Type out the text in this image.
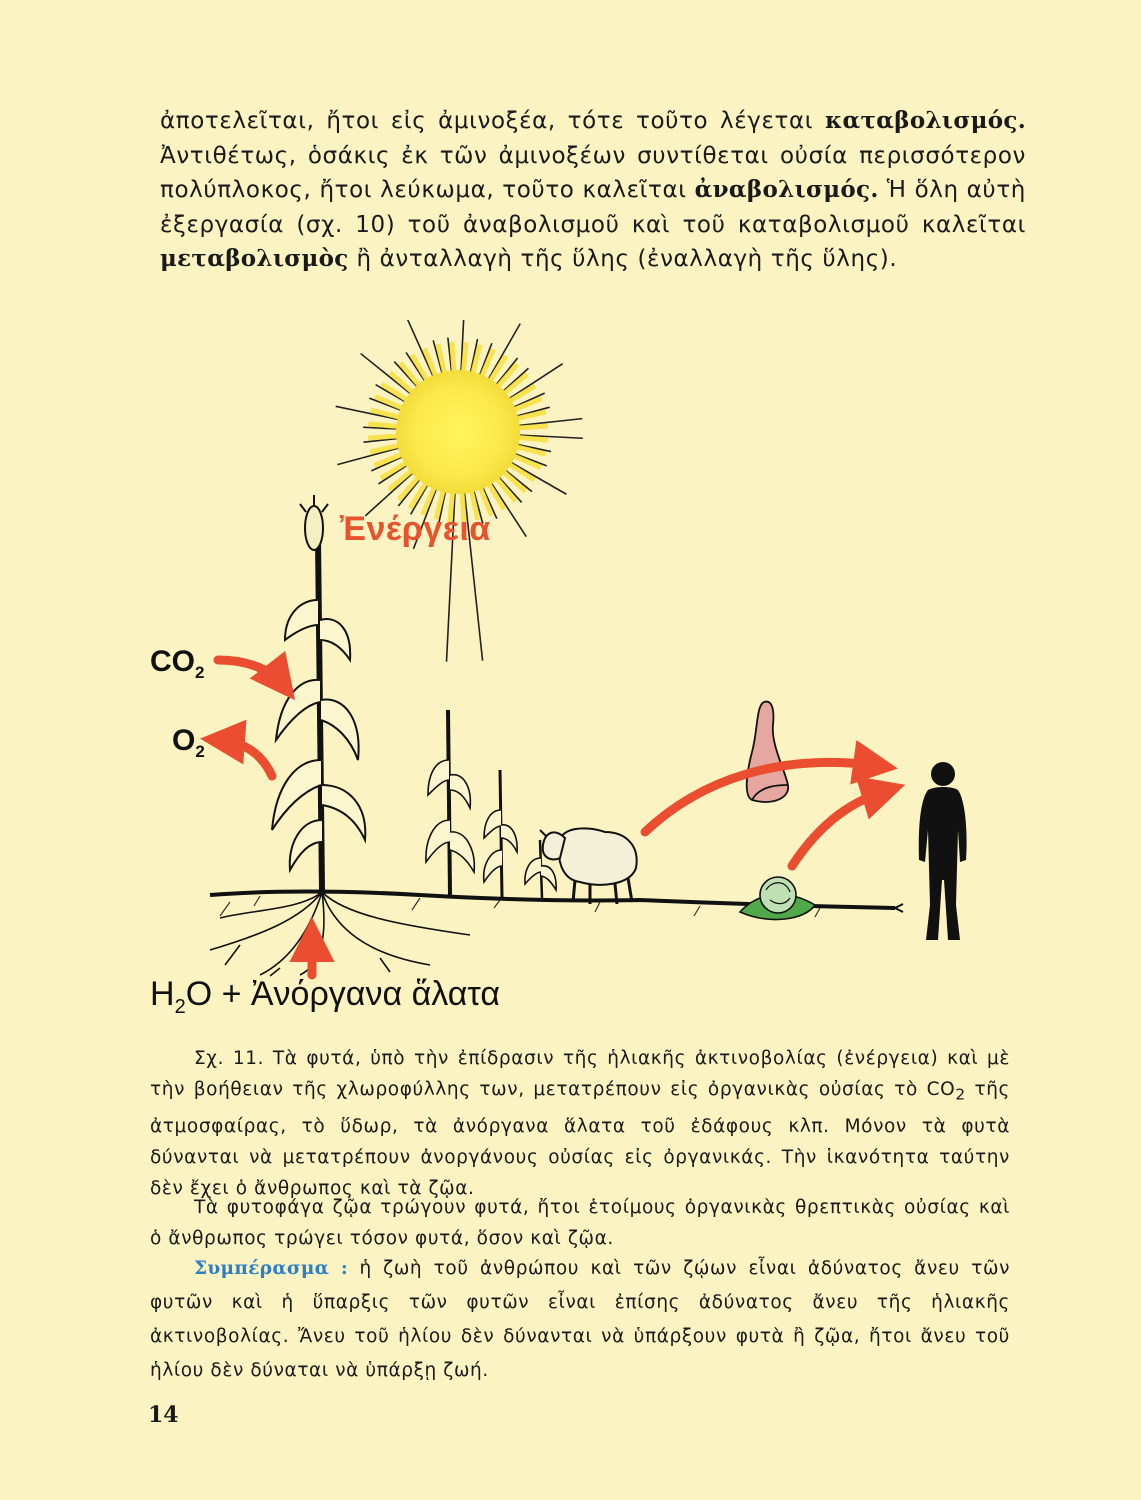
ἀποτελεῖται, ἤτοι εἰς ἀμινοξέα, τότε τοῦτο λέγεται καταβολισμός. Ἀντιθέτως, ὁσάκις ἐκ τῶν ἀμινοξέων συντίθεται οὐσία περισσότερον πολύπλοκος, ἤτοι λεύκωμα, τοῦτο καλεῖται ἀναβολισμός. Ἡ ὅλη αὐτὴ ἐξεργασία (σχ. 10) τοῦ ἀναβολισμοῦ καὶ τοῦ καταβολισμοῦ καλεῖται μεταβολισμὸς ἢ ἀνταλλαγὴ τῆς ὕλης (ἐναλλαγὴ τῆς ὕλης).

Ἐνέργεια
$CO_2$
$O_2$
$H_2O$ + Ἀνόργανα ἅλατα

Σχ. 11. Τὰ φυτά, ὑπὸ τὴν ἐπίδρασιν τῆς ἡλιακῆς ἀκτινοβολίας (ἐνέργεια) καὶ μὲ τὴν βοήθειαν τῆς χλωροφύλλης των, μετατρέπουν εἰς ὀργανικὰς οὐσίας τὸ $CO_2$ τῆς ἀτμοσφαίρας, τὸ ὕδωρ, τὰ ἀνόργανα ἅλατα τοῦ ἐδάφους κλπ. Μόνον τὰ φυτὰ δύνανται νὰ μετατρέπουν ἀνοργάνους οὐσίας εἰς ὀργανικάς. Τὴν ἱκανότητα ταύτην δὲν ἔχει ὁ ἄνθρωπος καὶ τὰ ζῷα.

Τὰ φυτοφάγα ζῷα τρώγουν φυτά, ἤτοι ἑτοίμους ὀργανικὰς θρεπτικὰς οὐσίας καὶ ὁ ἄνθρωπος τρώγει τόσον φυτά, ὅσον καὶ ζῷα.

Συμπέρασμα : ἡ ζωὴ τοῦ ἀνθρώπου καὶ τῶν ζῴων εἶναι ἀδύνατος ἄνευ τῶν φυτῶν καὶ ἡ ὕπαρξις τῶν φυτῶν εἶναι ἐπίσης ἀδύνατος ἄνευ τῆς ἡλιακῆς ἀκτινοβολίας. Ἄνευ τοῦ ἡλίου δὲν δύνανται νὰ ὑπάρξουν φυτὰ ἢ ζῷα, ἤτοι ἄνευ τοῦ ἡλίου δὲν δύναται νὰ ὑπάρξῃ ζωή.

14
